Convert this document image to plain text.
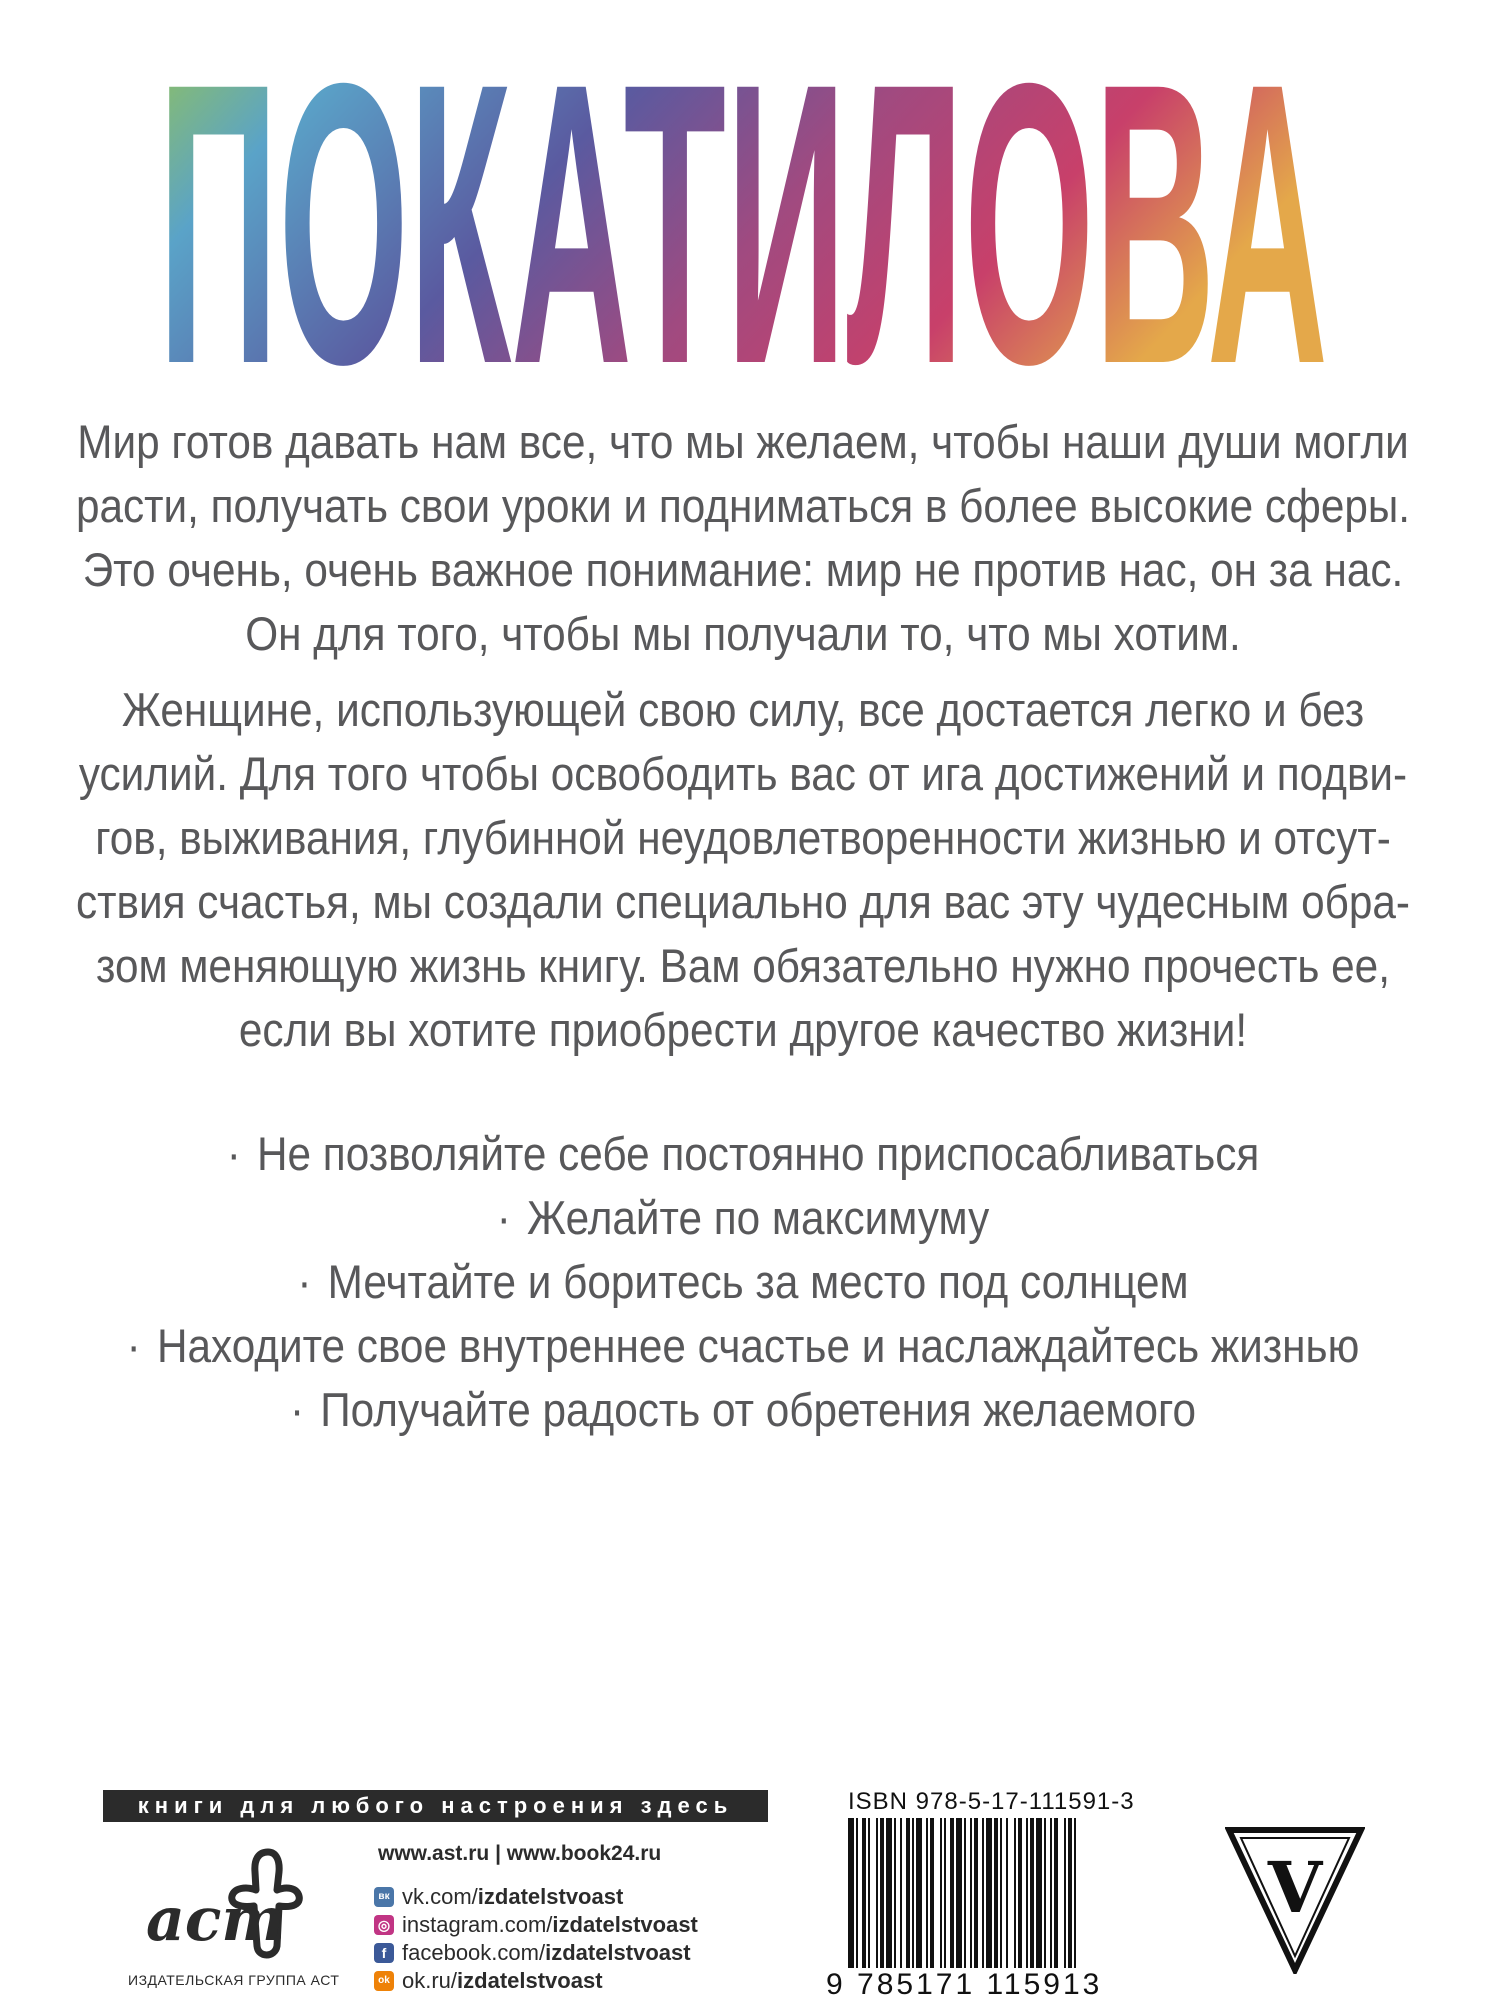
ПОКАТИЛОВА
Мир готов давать нам все, что мы желаем, чтобы наши души могли
расти, получать свои уроки и подниматься в более высокие сферы.
Это очень, очень важное понимание: мир не против нас, он за нас.
Он для того, чтобы мы получали то, что мы хотим.
Женщине, использующей свою силу, все достается легко и без
усилий. Для того чтобы освободить вас от ига достижений и подви-
гов, выживания, глубинной неудовлетворенности жизнью и отсут-
ствия счастья, мы создали специально для вас эту чудесным обра-
зом меняющую жизнь книгу. Вам обязательно нужно прочесть ее,
если вы хотите приобрести другое качество жизни!
· Не позволяйте себе постоянно приспосабливаться
· Желайте по максимуму
· Мечтайте и боритесь за место под солнцем
· Находите свое внутреннее счастье и наслаждайтесь жизнью
· Получайте радость от обретения желаемого
книги для любого настроения здесь
аст
ИЗДАТЕЛЬСКАЯ ГРУППА АСТ
www.ast.ru | www.book24.ru
вк vk.com/ izdatelstvoast
◎ instagram.com/ izdatelstvoast
f facebook.com/ izdatelstvoast
ok ok.ru/ izdatelstvoast
ISBN 978-5-17-111591-3
9 785171 115913
V
